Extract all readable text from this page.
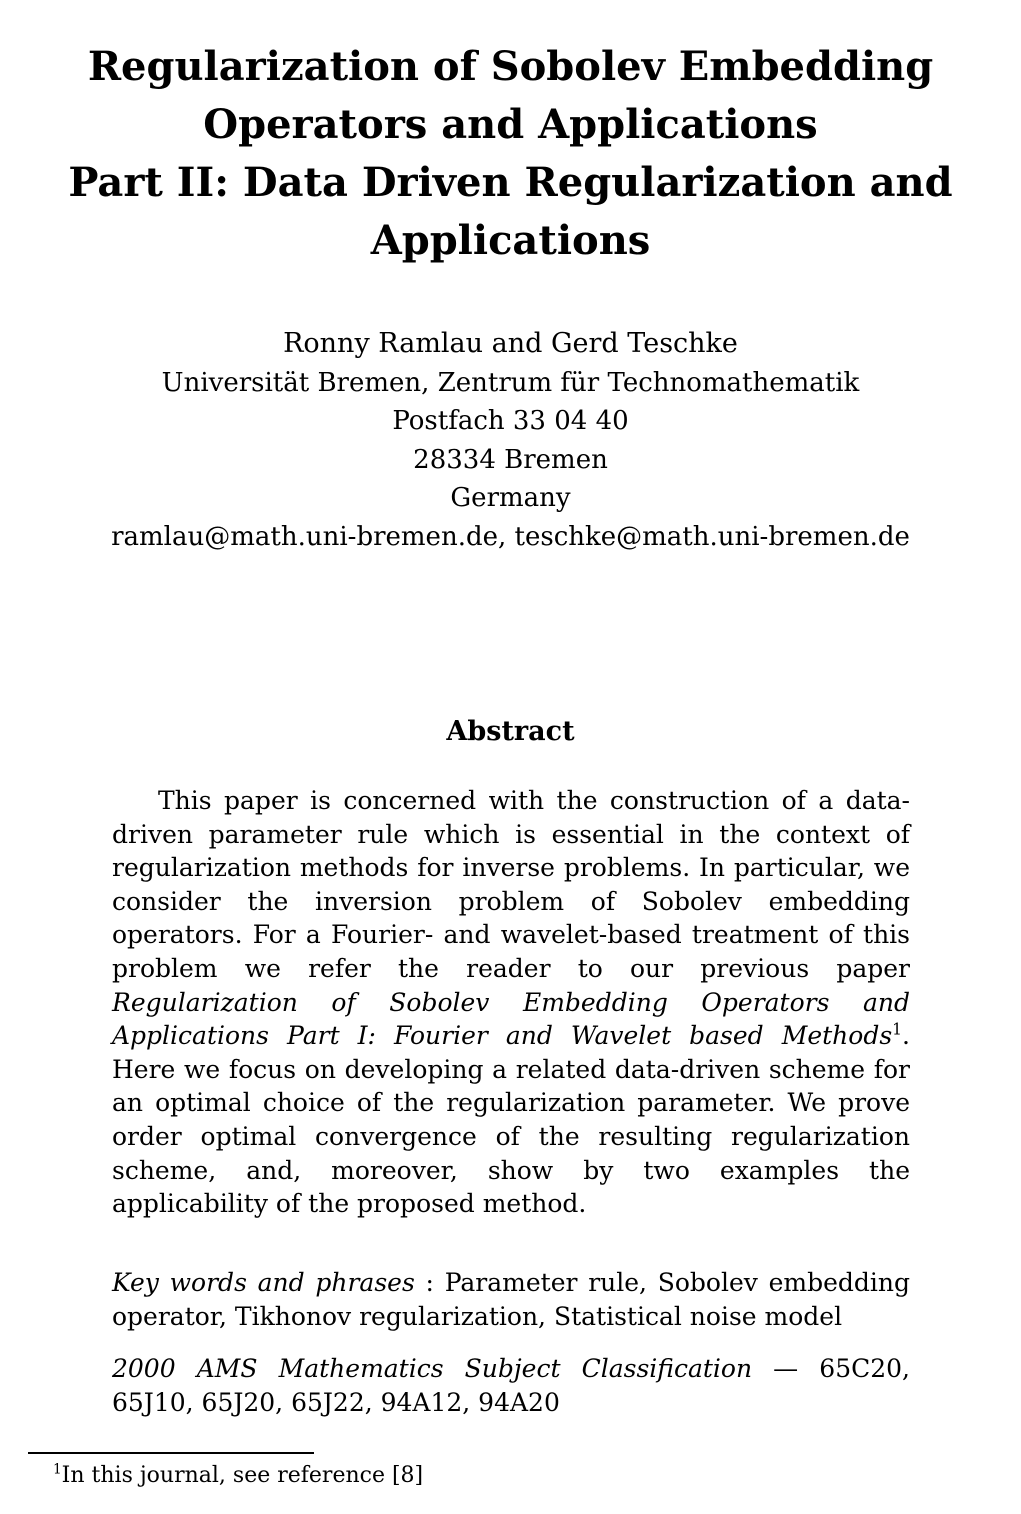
Regularization of Sobolev Embedding
Operators and Applications
Part II: Data Driven Regularization and
Applications
Ronny Ramlau and Gerd Teschke
Universität Bremen, Zentrum für Technomathematik
Postfach 33 04 40
28334 Bremen
Germany
ramlau@math.uni-bremen.de, teschke@math.uni-bremen.de
Abstract

This paper is concerned with the construction of a data-driven parameter rule which is essential in the context of regularization methods for inverse problems. In particular, we consider the inversion problem of Sobolev embedding operators. For a Fourier- and wavelet-based treatment of this problem we refer the reader to our previous paper Regularization of Sobolev Embedding Operators and Applications Part I: Fourier and Wavelet based Methods$^1$. Here we focus on developing a related data-driven scheme for an optimal choice of the regularization parameter. We prove order optimal convergence of the resulting regularization scheme, and, moreover, show by two examples the applicability of the proposed method.

Key words and phrases : Parameter rule, Sobolev embedding operator, Tikhonov regularization, Statistical noise model

2000 AMS Mathematics Subject Classification — 65C20, 65J10, 65J20, 65J22, 94A12, 94A20

$^1$In this journal, see reference [8]
